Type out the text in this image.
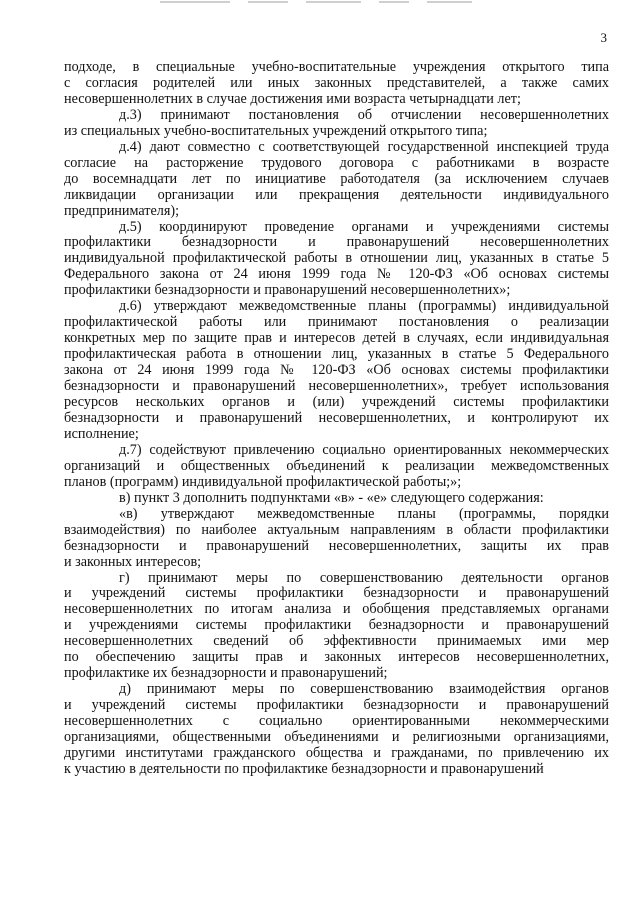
3
подходе, в специальные учебно-воспитательные учреждения открытого типа
с согласия родителей или иных законных представителей, а также самих
несовершеннолетних в случае достижения ими возраста четырнадцати лет;
д.3) принимают постановления об отчислении несовершеннолетних
из специальных учебно-воспитательных учреждений открытого типа;
д.4) дают совместно с соответствующей государственной инспекцией труда
согласие на расторжение трудового договора с работниками в возрасте
до восемнадцати лет по инициативе работодателя (за исключением случаев
ликвидации организации или прекращения деятельности индивидуального
предпринимателя);
д.5) координируют проведение органами и учреждениями системы
профилактики безнадзорности и правонарушений несовершеннолетних
индивидуальной профилактической работы в отношении лиц, указанных в статье 5
Федерального закона от 24 июня 1999 года № 120-ФЗ «Об основах системы
профилактики безнадзорности и правонарушений несовершеннолетних»;
д.6) утверждают межведомственные планы (программы) индивидуальной
профилактической работы или принимают постановления о реализации
конкретных мер по защите прав и интересов детей в случаях, если индивидуальная
профилактическая работа в отношении лиц, указанных в статье 5 Федерального
закона от 24 июня 1999 года № 120-ФЗ «Об основах системы профилактики
безнадзорности и правонарушений несовершеннолетних», требует использования
ресурсов нескольких органов и (или) учреждений системы профилактики
безнадзорности и правонарушений несовершеннолетних, и контролируют их
исполнение;
д.7) содействуют привлечению социально ориентированных некоммерческих
организаций и общественных объединений к реализации межведомственных
планов (программ) индивидуальной профилактической работы;»;
в) пункт 3 дополнить подпунктами «в» - «е» следующего содержания:
«в) утверждают межведомственные планы (программы, порядки
взаимодействия) по наиболее актуальным направлениям в области профилактики
безнадзорности и правонарушений несовершеннолетних, защиты их прав
и законных интересов;
г) принимают меры по совершенствованию деятельности органов
и учреждений системы профилактики безнадзорности и правонарушений
несовершеннолетних по итогам анализа и обобщения представляемых органами
и учреждениями системы профилактики безнадзорности и правонарушений
несовершеннолетних сведений об эффективности принимаемых ими мер
по обеспечению защиты прав и законных интересов несовершеннолетних,
профилактике их безнадзорности и правонарушений;
д) принимают меры по совершенствованию взаимодействия органов
и учреждений системы профилактики безнадзорности и правонарушений
несовершеннолетних с социально ориентированными некоммерческими
организациями, общественными объединениями и религиозными организациями,
другими институтами гражданского общества и гражданами, по привлечению их
к участию в деятельности по профилактике безнадзорности и правонарушений
